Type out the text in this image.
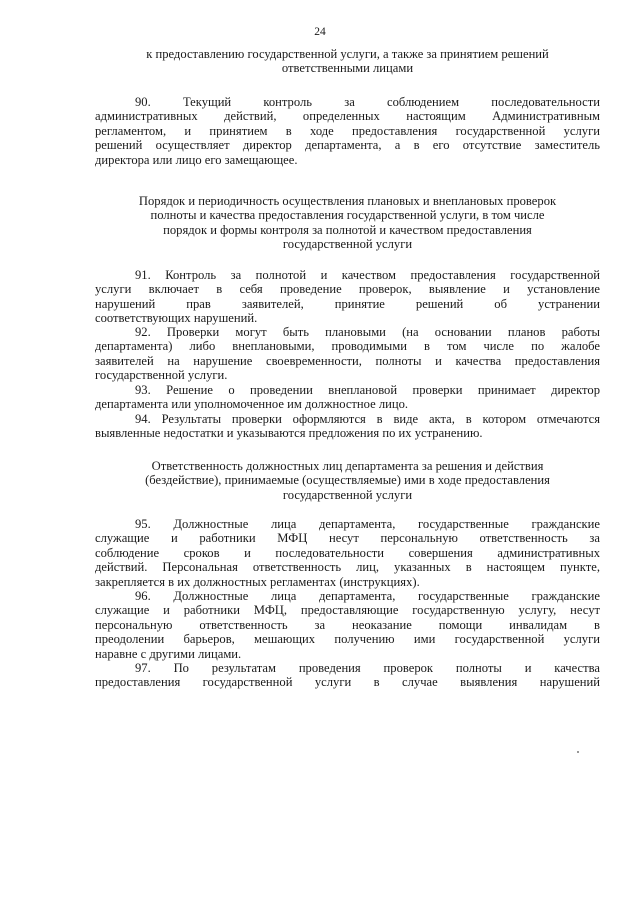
24
к предоставлению государственной услуги, а также за принятием решений
ответственными лицами
90. Текущий контроль за соблюдением последовательности
административных действий, определенных настоящим Административным
регламентом, и принятием в ходе предоставления государственной услуги
решений осуществляет директор департамента, а в его отсутствие заместитель
директора или лицо его замещающее.
Порядок и периодичность осуществления плановых и внеплановых проверок
полноты и качества предоставления государственной услуги, в том числе
порядок и формы контроля за полнотой и качеством предоставления
государственной услуги
91. Контроль за полнотой и качеством предоставления государственной
услуги включает в себя проведение проверок, выявление и установление
нарушений прав заявителей, принятие решений об устранении
соответствующих нарушений.
92. Проверки могут быть плановыми (на основании планов работы
департамента) либо внеплановыми, проводимыми в том числе по жалобе
заявителей на нарушение своевременности, полноты и качества предоставления
государственной услуги.
93. Решение о проведении внеплановой проверки принимает директор
департамента или уполномоченное им должностное лицо.
94. Результаты проверки оформляются в виде акта, в котором отмечаются
выявленные недостатки и указываются предложения по их устранению.
Ответственность должностных лиц департамента за решения и действия
(бездействие), принимаемые (осуществляемые) ими в ходе предоставления
государственной услуги
95. Должностные лица департамента, государственные гражданские
служащие и работники МФЦ несут персональную ответственность за
соблюдение сроков и последовательности совершения административных
действий. Персональная ответственность лиц, указанных в настоящем пункте,
закрепляется в их должностных регламентах (инструкциях).
96. Должностные лица департамента, государственные гражданские
служащие и работники МФЦ, предоставляющие государственную услугу, несут
персональную ответственность за неоказание помощи инвалидам в
преодолении барьеров, мешающих получению ими государственной услуги
наравне с другими лицами.
97. По результатам проведения проверок полноты и качества
предоставления государственной услуги в случае выявления нарушений
